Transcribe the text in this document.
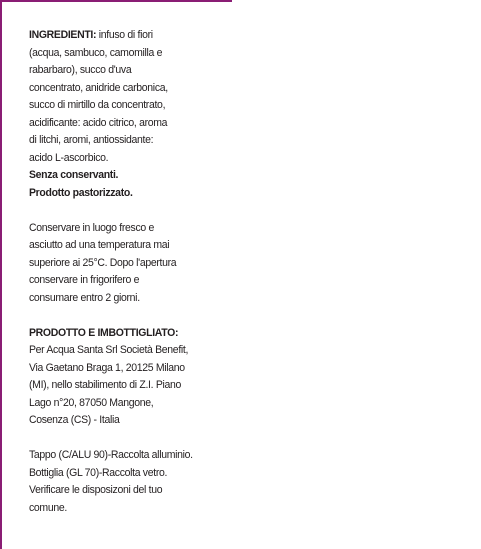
INGREDIENTI: infuso di fiori

(acqua, sambuco, camomilla e

rabarbaro), succo d'uva

concentrato, anidride carbonica,

succo di mirtillo da concentrato,

acidificante: acido citrico, aroma

di litchi, aromi, antiossidante:

acido L-ascorbico.

Senza conservanti.

Prodotto pastorizzato.

Conservare in luogo fresco e

asciutto ad una temperatura mai

superiore ai 25°C. Dopo l'apertura

conservare in frigorifero e

consumare entro 2 giorni.

PRODOTTO E IMBOTTIGLIATO:

Per Acqua Santa Srl Società Benefit,

Via Gaetano Braga 1, 20125 Milano

(MI), nello stabilimento di Z.I. Piano

Lago n°20, 87050 Mangone,

Cosenza (CS) - Italia

Tappo (C/ALU 90)-Raccolta alluminio.

Bottiglia (GL 70)-Raccolta vetro.

Verificare le disposizoni del tuo

comune.
